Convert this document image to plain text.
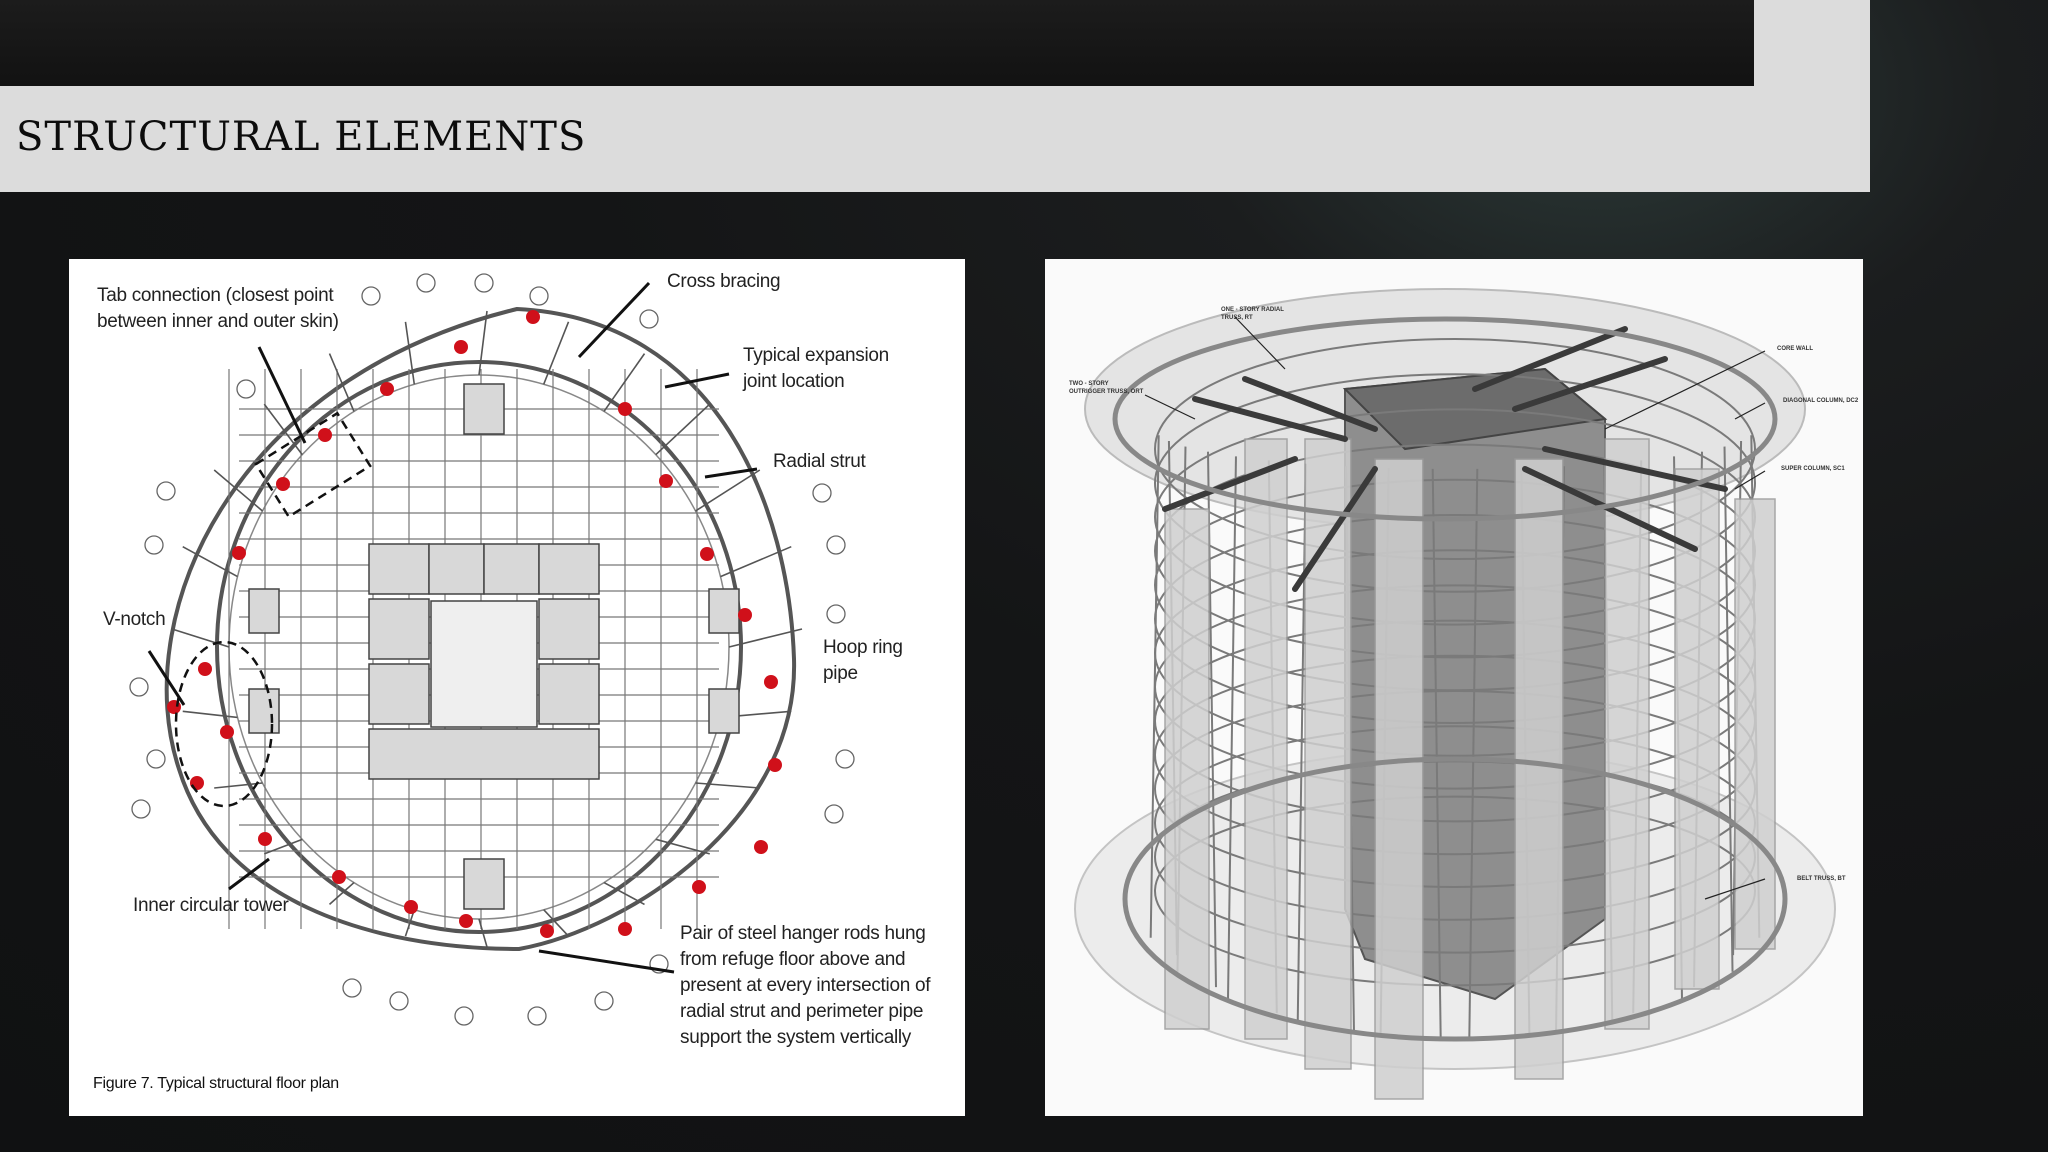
STRUCTURAL ELEMENTS
Tab connection (closest point between inner and outer skin)
Cross bracing
Typical expansion joint location
Radial strut
V-notch
Hoop ring pipe
Inner circular tower
Pair of steel hanger rods hung from refuge floor above and present at every intersection of radial strut and perimeter pipe support the system vertically
Figure 7. Typical structural floor plan
ONE - STORY RADIAL TRUSS, RT
TWO - STORY OUTRIGGER TRUSS, ORT
CORE WALL
DIAGONAL COLUMN, DC2
SUPER COLUMN, SC1
BELT TRUSS, BT
